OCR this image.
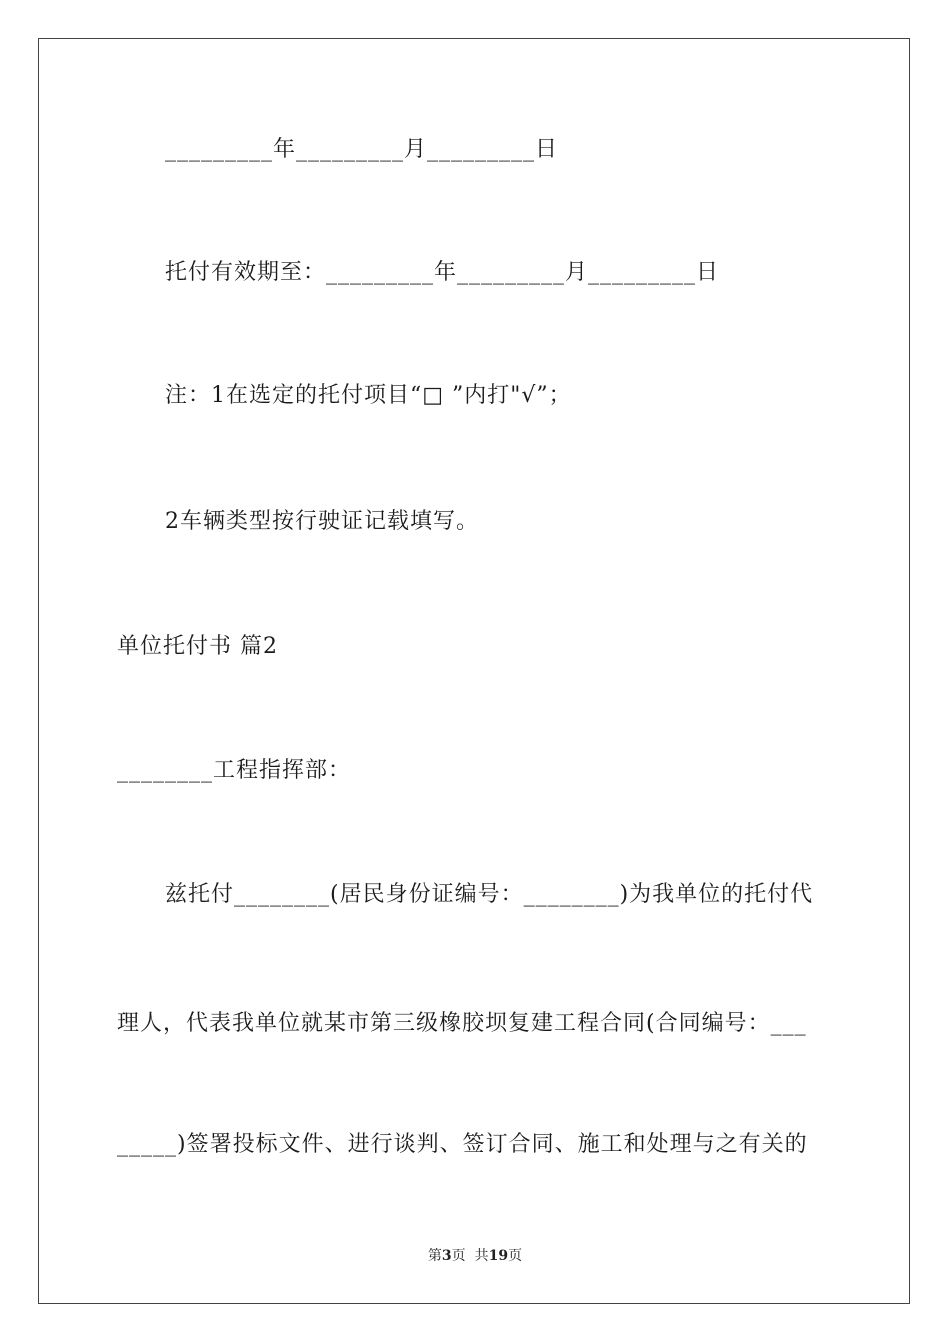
_________年_________月_________日
托付有效期至：_________年_________月_________日
注：1在选定的托付项目“□ ”内打"√”；
2车辆类型按行驶证记载填写。
单位托付书 篇2
________工程指挥部：
兹托付________(居民身份证编号：________)为我单位的托付代
理人，代表我单位就某市第三级橡胶坝复建工程合同(合同编号：___
_____)签署投标文件、进行谈判、签订合同、施工和处理与之有关的
第3页  共19页
